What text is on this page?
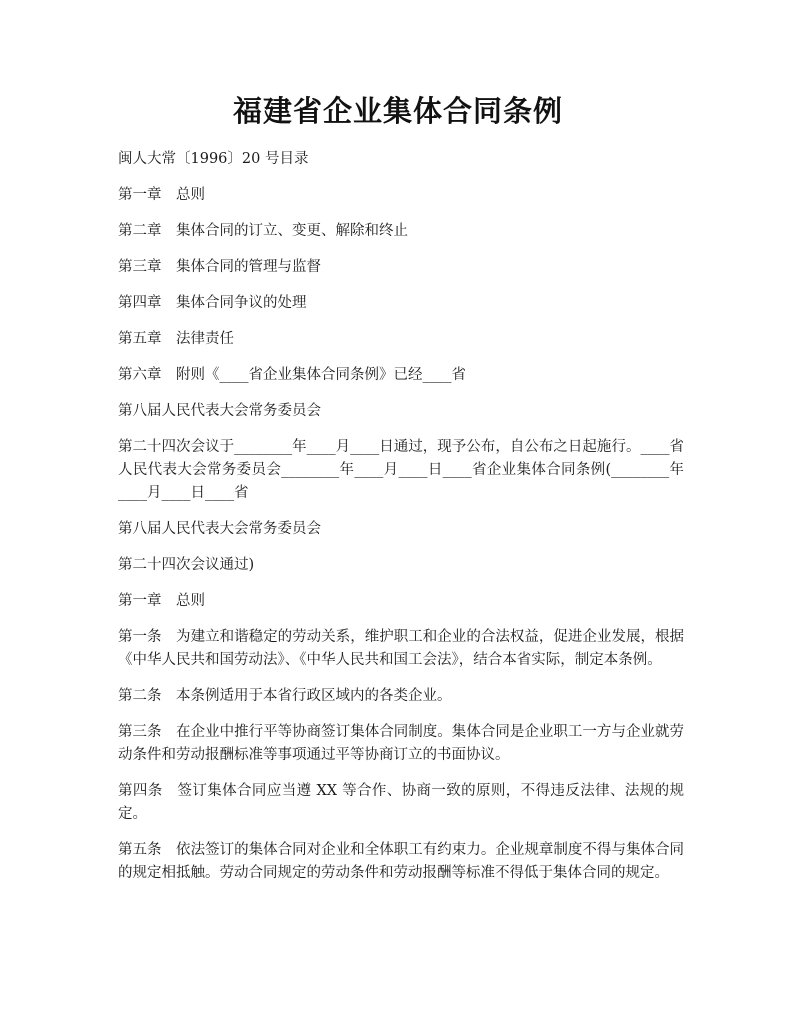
福建省企业集体合同条例

闽人大常〔1996〕20 号目录

第一章　总则

第二章　集体合同的订立、变更、解除和终止

第三章　集体合同的管理与监督

第四章　集体合同争议的处理

第五章　法律责任

第六章　附则《____省企业集体合同条例》已经____省

第八届人民代表大会常务委员会

第二十四次会议于________年____月____日通过，现予公布，自公布之日起施行。____省人民代表大会常务委员会________年____月____日____省企业集体合同条例(________年____月____日____省

第八届人民代表大会常务委员会

第二十四次会议通过)

第一章　总则

第一条　为建立和谐稳定的劳动关系，维护职工和企业的合法权益，促进企业发展，根据《中华人民共和国劳动法》、《中华人民共和国工会法》，结合本省实际，制定本条例。

第二条　本条例适用于本省行政区域内的各类企业。

第三条　在企业中推行平等协商签订集体合同制度。集体合同是企业职工一方与企业就劳动条件和劳动报酬标准等事项通过平等协商订立的书面协议。

第四条　签订集体合同应当遵 XX 等合作、协商一致的原则，不得违反法律、法规的规定。

第五条　依法签订的集体合同对企业和全体职工有约束力。企业规章制度不得与集体合同的规定相抵触。劳动合同规定的劳动条件和劳动报酬等标准不得低于集体合同的规定。
